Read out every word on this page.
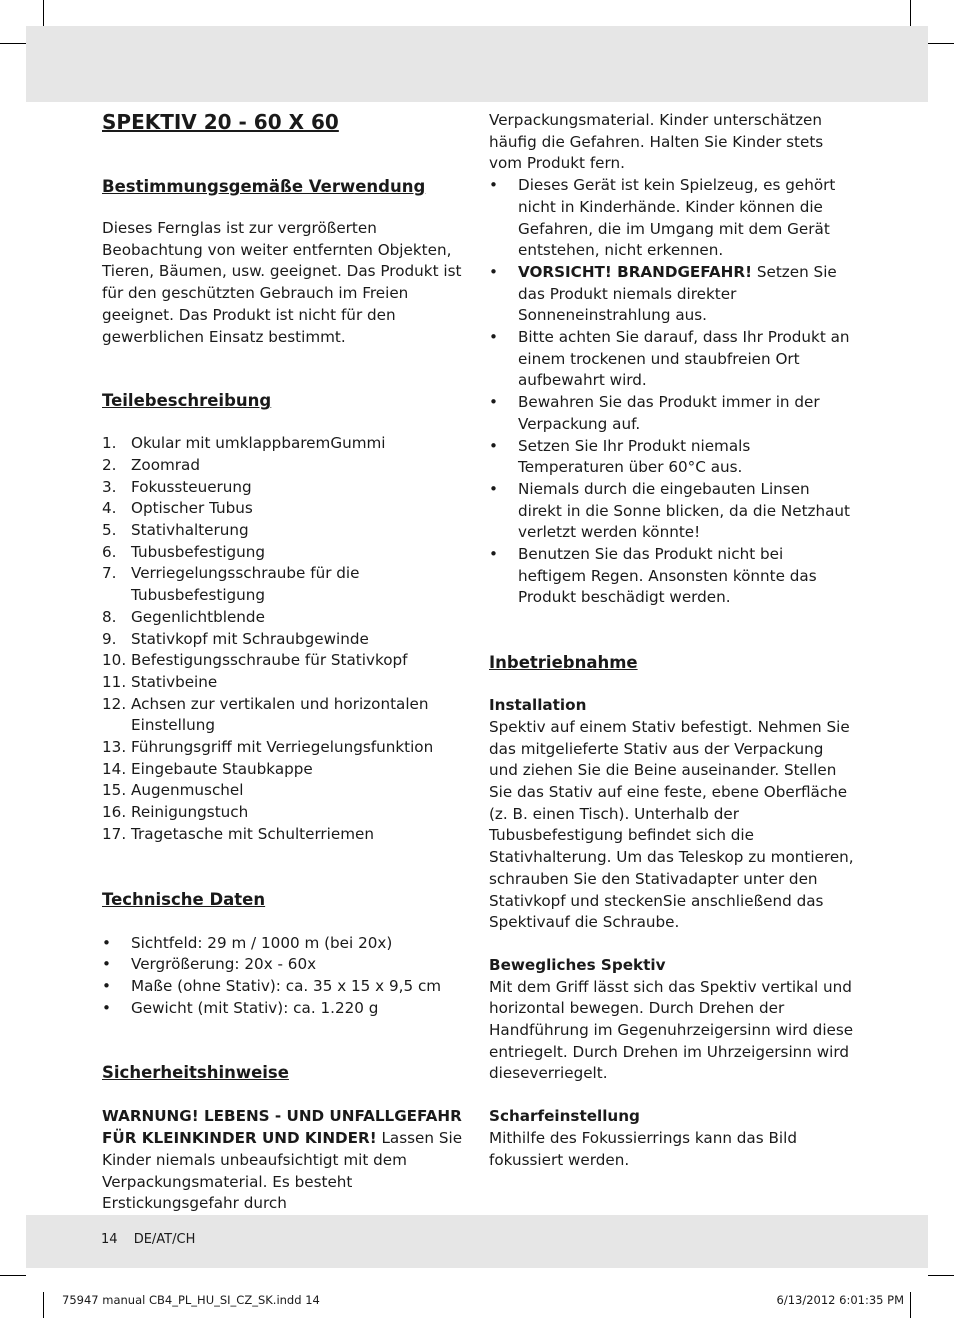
SPEKTIV 20 - 60 X 60
Bestimmungsgemäße Verwendung

Dieses Fernglas ist zur vergrößerten Beobachtung von weiter entfernten Objekten, Tieren, Bäumen, usw. geeignet. Das Produkt ist für den geschützten Gebrauch im Freien geeignet. Das Produkt ist nicht für den gewerblichen Einsatz bestimmt.

Teilebeschreibung
1. Okular mit umklappbaremGummi
2. Zoomrad
3. Fokussteuerung
4. Optischer Tubus
5. Stativhalterung
6. Tubusbefestigung
7. Verriegelungsschraube für die Tubusbefestigung
8. Gegenlichtblende
9. Stativkopf mit Schraubgewinde
10. Befestigungsschraube für Stativkopf
11. Stativbeine
12. Achsen zur vertikalen und horizontalen Einstellung
13. Führungsgriff mit Verriegelungsfunktion
14. Eingebaute Staubkappe
15. Augenmuschel
16. Reinigungstuch
17. Tragetasche mit Schulterriemen
Technische Daten
• Sichtfeld: 29 m / 1000 m (bei 20x)
• Vergrößerung: 20x - 60x
• Maße (ohne Stativ): ca. 35 x 15 x 9,5 cm
• Gewicht (mit Stativ): ca. 1.220 g
Sicherheitshinweise

WARNUNG! LEBENS - UND UNFALLGEFAHR FÜR KLEINKINDER UND KINDER! Lassen Sie Kinder niemals unbeaufsichtigt mit dem Verpackungsmaterial. Es besteht Erstickungsgefahr durch

Verpackungsmaterial. Kinder unterschätzen häufig die Gefahren. Halten Sie Kinder stets vom Produkt fern.

• Dieses Gerät ist kein Spielzeug, es gehört nicht in Kinderhände. Kinder können die Gefahren, die im Umgang mit dem Gerät entstehen, nicht erkennen.
• VORSICHT! BRANDGEFAHR! Setzen Sie das Produkt niemals direkter Sonneneinstrahlung aus.
• Bitte achten Sie darauf, dass Ihr Produkt an einem trockenen und staubfreien Ort aufbewahrt wird.
• Bewahren Sie das Produkt immer in der Verpackung auf.
• Setzen Sie Ihr Produkt niemals Temperaturen über 60°C aus.
• Niemals durch die eingebauten Linsen direkt in die Sonne blicken, da die Netzhaut verletzt werden könnte!
• Benutzen Sie das Produkt nicht bei heftigem Regen. Ansonsten könnte das Produkt beschädigt werden.
Inbetriebnahme

Installation

Spektiv auf einem Stativ befestigt. Nehmen Sie das mitgelieferte Stativ aus der Verpackung und ziehen Sie die Beine auseinander. Stellen Sie das Stativ auf eine feste, ebene Oberfläche (z. B. einen Tisch). Unterhalb der Tubusbefestigung befindet sich die Stativhalterung. Um das Teleskop zu montieren, schrauben Sie den Stativadapter unter den Stativkopf und steckenSie anschließend das Spektivauf die Schraube.

Bewegliches Spektiv

Mit dem Griff lässt sich das Spektiv vertikal und horizontal bewegen. Durch Drehen der Handführung im Gegenuhrzeigersinn wird diese entriegelt. Durch Drehen im Uhrzeigersinn wird dieseverriegelt.

Scharfeinstellung

Mithilfe des Fokussierrings kann das Bild fokussiert werden.

14 DE/AT/CH
75947 manual CB4_PL_HU_SI_CZ_SK.indd 14	6/13/2012 6:01:35 PM
